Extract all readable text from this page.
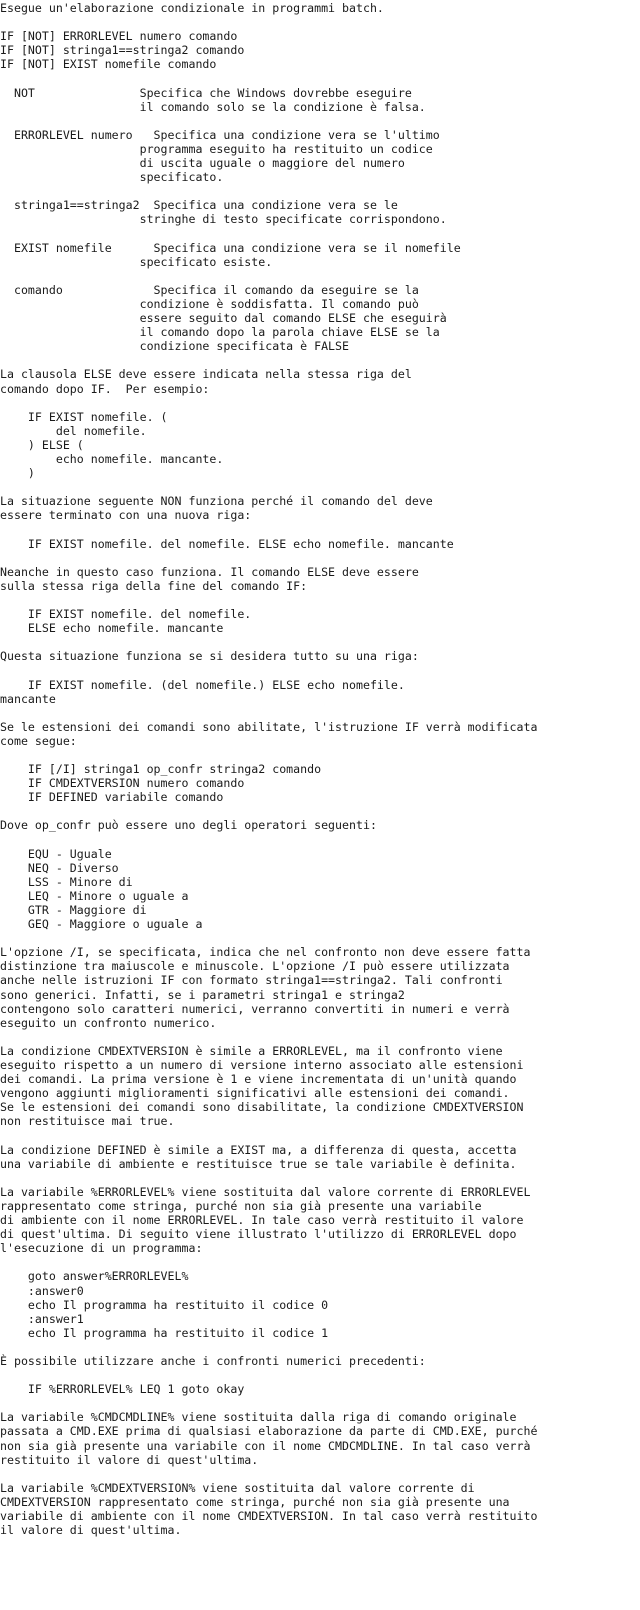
Esegue un'elaborazione condizionale in programmi batch.
IF [NOT] ERRORLEVEL numero comando
IF [NOT] stringa1==stringa2 comando
IF [NOT] EXIST nomefile comando
NOT               Specifica che Windows dovrebbe eseguire
il comando solo se la condizione è falsa.
ERRORLEVEL numero   Specifica una condizione vera se l'ultimo
programma eseguito ha restituito un codice
di uscita uguale o maggiore del numero
specificato.
stringa1==stringa2  Specifica una condizione vera se le
stringhe di testo specificate corrispondono.
EXIST nomefile      Specifica una condizione vera se il nomefile
specificato esiste.
comando             Specifica il comando da eseguire se la
condizione è soddisfatta. Il comando può
essere seguito dal comando ELSE che eseguirà
il comando dopo la parola chiave ELSE se la
condizione specificata è FALSE
La clausola ELSE deve essere indicata nella stessa riga del
comando dopo IF.  Per esempio:
IF EXIST nomefile. (
del nomefile.
) ELSE (
echo nomefile. mancante.
)
La situazione seguente NON funziona perché il comando del deve
essere terminato con una nuova riga:
IF EXIST nomefile. del nomefile. ELSE echo nomefile. mancante
Neanche in questo caso funziona. Il comando ELSE deve essere
sulla stessa riga della fine del comando IF:
IF EXIST nomefile. del nomefile.
ELSE echo nomefile. mancante
Questa situazione funziona se si desidera tutto su una riga:
IF EXIST nomefile. (del nomefile.) ELSE echo nomefile.
mancante
Se le estensioni dei comandi sono abilitate, l'istruzione IF verrà modificata
come segue:
IF [/I] stringa1 op_confr stringa2 comando
IF CMDEXTVERSION numero comando
IF DEFINED variabile comando
Dove op_confr può essere uno degli operatori seguenti:
EQU - Uguale
NEQ - Diverso
LSS - Minore di
LEQ - Minore o uguale a
GTR - Maggiore di
GEQ - Maggiore o uguale a
L'opzione /I, se specificata, indica che nel confronto non deve essere fatta
distinzione tra maiuscole e minuscole. L'opzione /I può essere utilizzata
anche nelle istruzioni IF con formato stringa1==stringa2. Tali confronti
sono generici. Infatti, se i parametri stringa1 e stringa2
contengono solo caratteri numerici, verranno convertiti in numeri e verrà
eseguito un confronto numerico.
La condizione CMDEXTVERSION è simile a ERRORLEVEL, ma il confronto viene
eseguito rispetto a un numero di versione interno associato alle estensioni
dei comandi. La prima versione è 1 e viene incrementata di un'unità quando
vengono aggiunti miglioramenti significativi alle estensioni dei comandi.
Se le estensioni dei comandi sono disabilitate, la condizione CMDEXTVERSION
non restituisce mai true.
La condizione DEFINED è simile a EXIST ma, a differenza di questa, accetta
una variabile di ambiente e restituisce true se tale variabile è definita.
La variabile %ERRORLEVEL% viene sostituita dal valore corrente di ERRORLEVEL
rappresentato come stringa, purché non sia già presente una variabile
di ambiente con il nome ERRORLEVEL. In tale caso verrà restituito il valore
di quest'ultima. Di seguito viene illustrato l'utilizzo di ERRORLEVEL dopo
l'esecuzione di un programma:
goto answer%ERRORLEVEL%
:answer0
echo Il programma ha restituito il codice 0
:answer1
echo Il programma ha restituito il codice 1
È possibile utilizzare anche i confronti numerici precedenti:
IF %ERRORLEVEL% LEQ 1 goto okay
La variabile %CMDCMDLINE% viene sostituita dalla riga di comando originale
passata a CMD.EXE prima di qualsiasi elaborazione da parte di CMD.EXE, purché
non sia già presente una variabile con il nome CMDCMDLINE. In tal caso verrà
restituito il valore di quest'ultima.
La variabile %CMDEXTVERSION% viene sostituita dal valore corrente di
CMDEXTVERSION rappresentato come stringa, purché non sia già presente una
variabile di ambiente con il nome CMDEXTVERSION. In tal caso verrà restituito
il valore di quest'ultima.
